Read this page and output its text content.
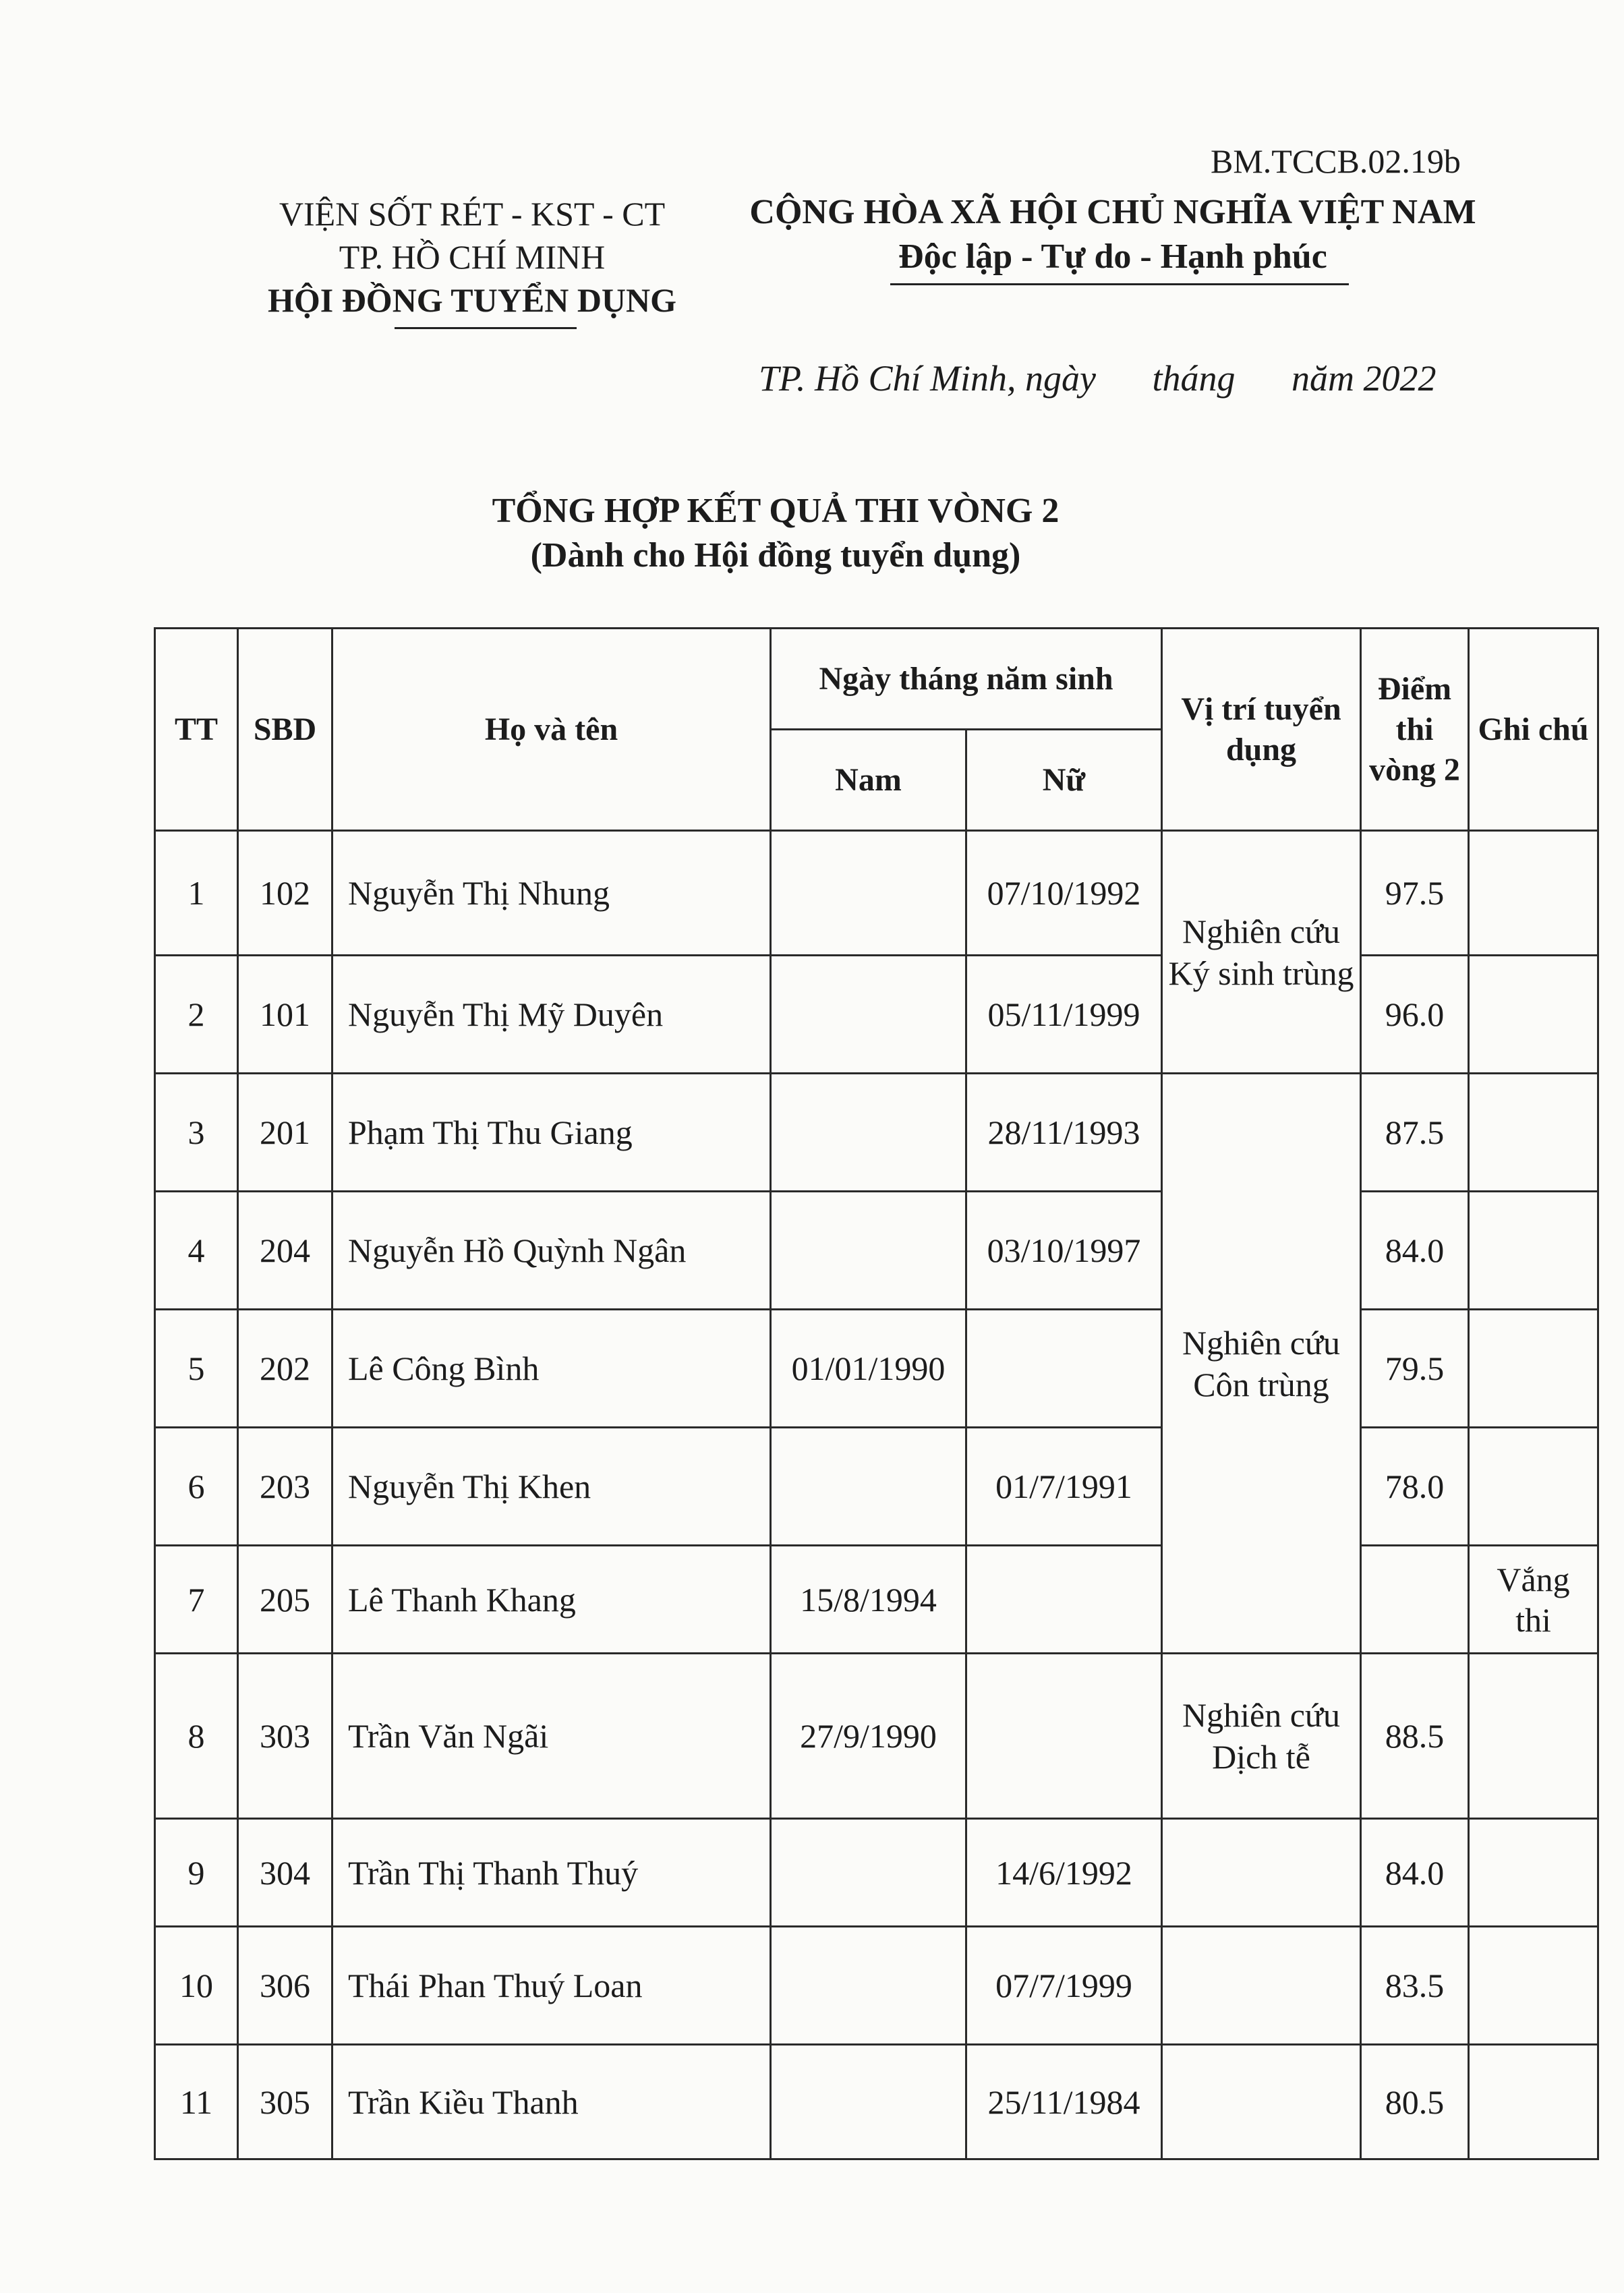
BM.TCCB.02.19b
VIỆN SỐT RÉT - KST - CT
TP. HỒ CHÍ MINH
HỘI ĐỒNG TUYỂN DỤNG
CỘNG HÒA XÃ HỘI CHỦ NGHĨA VIỆT NAM
Độc lập - Tự do - Hạnh phúc
TP. Hồ Chí Minh, ngày tháng năm 2022
TỔNG HỢP KẾT QUẢ THI VÒNG 2
(Dành cho Hội đồng tuyển dụng)
TT	SBD	Họ và tên	Ngày tháng năm sinh		Vị trí tuyển dụng	Điểm thi vòng 2	Ghi chú
			Nam	Nữ			
1	102	Nguyễn Thị Nhung		07/10/1992	Nghiên cứu Ký sinh trùng	97.5	
2	101	Nguyễn Thị Mỹ Duyên		05/11/1999		96.0	
3	201	Phạm Thị Thu Giang		28/11/1993	Nghiên cứu Côn trùng	87.5	
4	204	Nguyễn Hồ Quỳnh Ngân		03/10/1997		84.0	
5	202	Lê Công Bình	01/01/1990			79.5	
6	203	Nguyễn Thị Khen		01/7/1991		78.0	
7	205	Lê Thanh Khang	15/8/1994				Vắng thi
8	303	Trần Văn Ngãi	27/9/1990		Nghiên cứu Dịch tễ	88.5	
9	304	Trần Thị Thanh Thuý		14/6/1992		84.0	
10	306	Thái Phan Thuý Loan		07/7/1999		83.5	
11	305	Trần Kiều Thanh		25/11/1984		80.5	
